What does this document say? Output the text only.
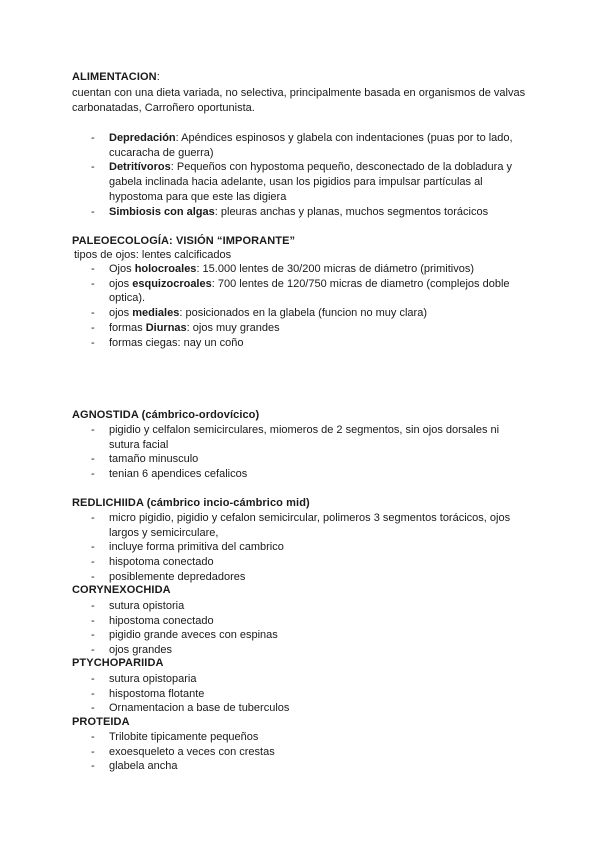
ALIMENTACION:
cuentan con una dieta variada, no selectiva, principalmente basada en organismos de valvas carbonatadas, Carroñero oportunista.
- Depredación: Apéndices espinosos y glabela con indentaciones (puas por to lado, cucaracha de guerra)
- Detritívoros: Pequeños con hypostoma pequeño, desconectado de la dobladura y gabela inclinada hacia adelante, usan los pigidios para impulsar partículas al hypostoma para que este las digiera
- Simbiosis con algas: pleuras anchas y planas, muchos segmentos torácicos
PALEOECOLOGÍA: VISIÓN “IMPORANTE”
tipos de ojos: lentes calcificados
- Ojos holocroales: 15.000 lentes de 30/200 micras de diámetro (primitivos)
- ojos esquizocroales: 700 lentes de 120/750 micras de diametro (complejos doble optica).
- ojos mediales: posicionados en la glabela (funcion no muy clara)
- formas Diurnas: ojos muy grandes
- formas ciegas: nay un coño
AGNOSTIDA (cámbrico-ordovícico)
- pigidio y celfalon semicirculares, miomeros de 2 segmentos, sin ojos dorsales ni sutura facial
- tamaño minusculo
- tenian 6 apendices cefalicos
REDLICHIIDA (cámbrico incio-cámbrico mid)
- micro pigidio, pigidio y cefalon semicircular, polimeros 3 segmentos torácicos, ojos largos y semicirculare,
- incluye forma primitiva del cambrico
- hispotoma conectado
- posiblemente depredadores
CORYNEXOCHIDA
- sutura opistoria
- hipostoma conectado
- pigidio grande aveces con espinas
- ojos grandes
PTYCHOPARIIDA
- sutura opistoparia
- hispostoma flotante
- Ornamentacion a base de tuberculos
PROTEIDA
- Trilobite tipicamente pequeños
- exoesqueleto a veces con crestas
- glabela ancha
